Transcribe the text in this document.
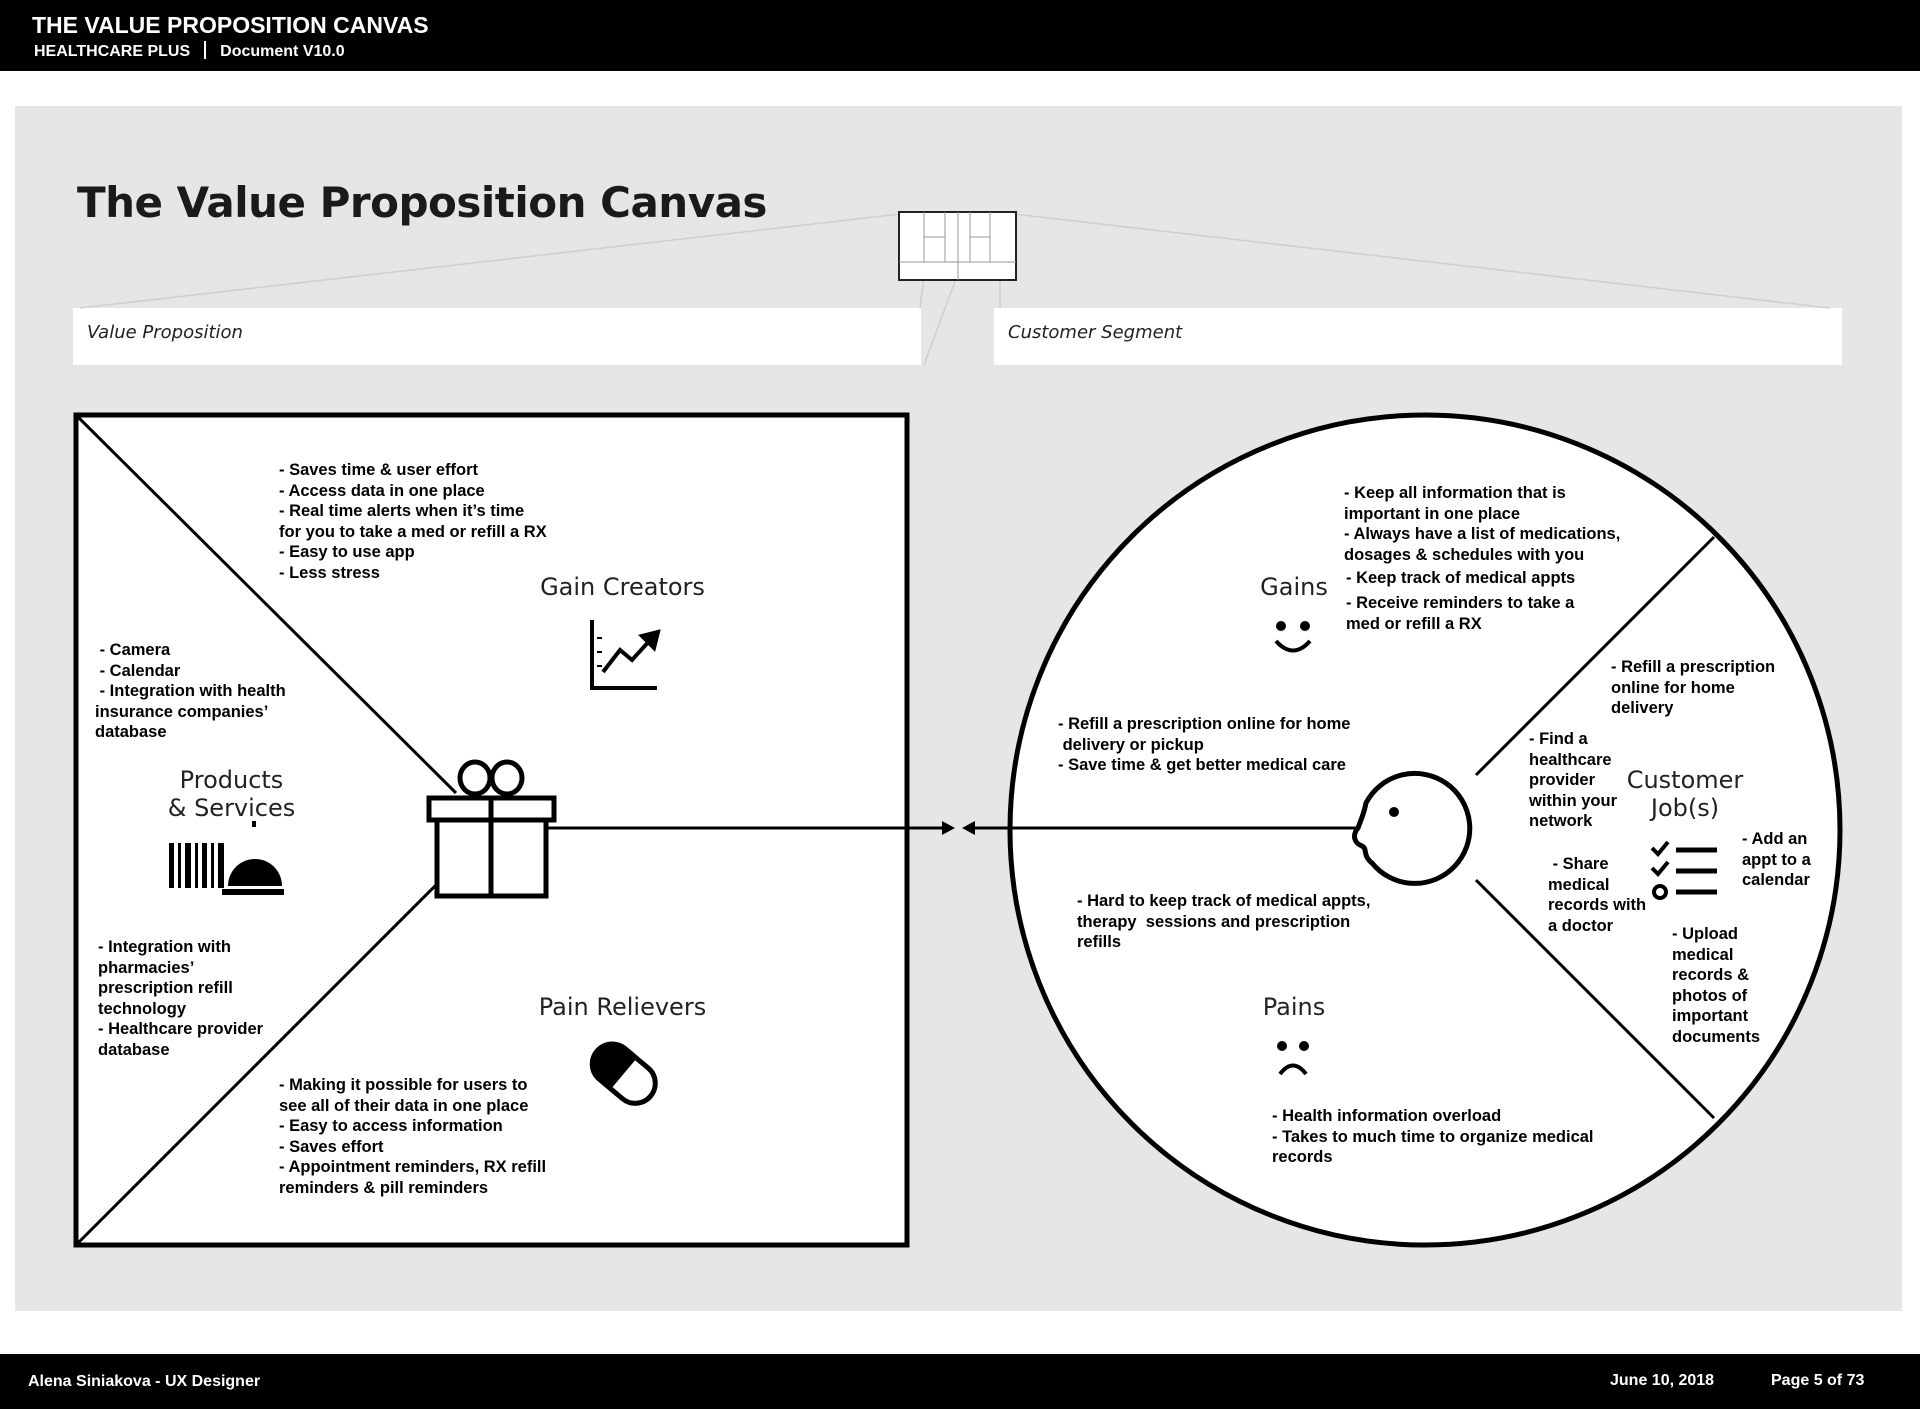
THE VALUE PROPOSITION CANVAS
HEALTHCARE PLUS Document V10.0
The Value Proposition Canvas
Value Proposition	Customer Segment
- Saves time & user effort
- Access data in one place
- Real time alerts when it’s time
for you to take a med or refill a RX
- Easy to use app
- Less stress
Gain Creators
- Camera
- Calendar
- Integration with health
insurance companies’
database
Products
& Services
- Integration with
pharmacies’
prescription refill
technology
- Healthcare provider
database
Pain Relievers
- Making it possible for users to
see all of their data in one place
- Easy to access information
- Saves effort
- Appointment reminders, RX refill
reminders & pill reminders
- Keep all information that is
important in one place
- Always have a list of medications,
dosages & schedules with you
Gains	- Keep track of medical appts
- Receive reminders to take a
med or refill a RX
- Refill a prescription online for home
delivery or pickup
- Save time & get better medical care
- Refill a prescription
online for home
delivery
- Find a
healthcare
provider
within your
network
Customer
Job(s)
- Share
medical
records with
a doctor
- Add an
appt to a
calendar
- Upload
medical
records &
photos of
important
documents
- Hard to keep track of medical appts,
therapy  sessions and prescription
refills
Pains
- Health information overload
- Takes to much time to organize medical
records
Alena Siniakova - UX Designer	June 10, 2018	Page 5 of 73
